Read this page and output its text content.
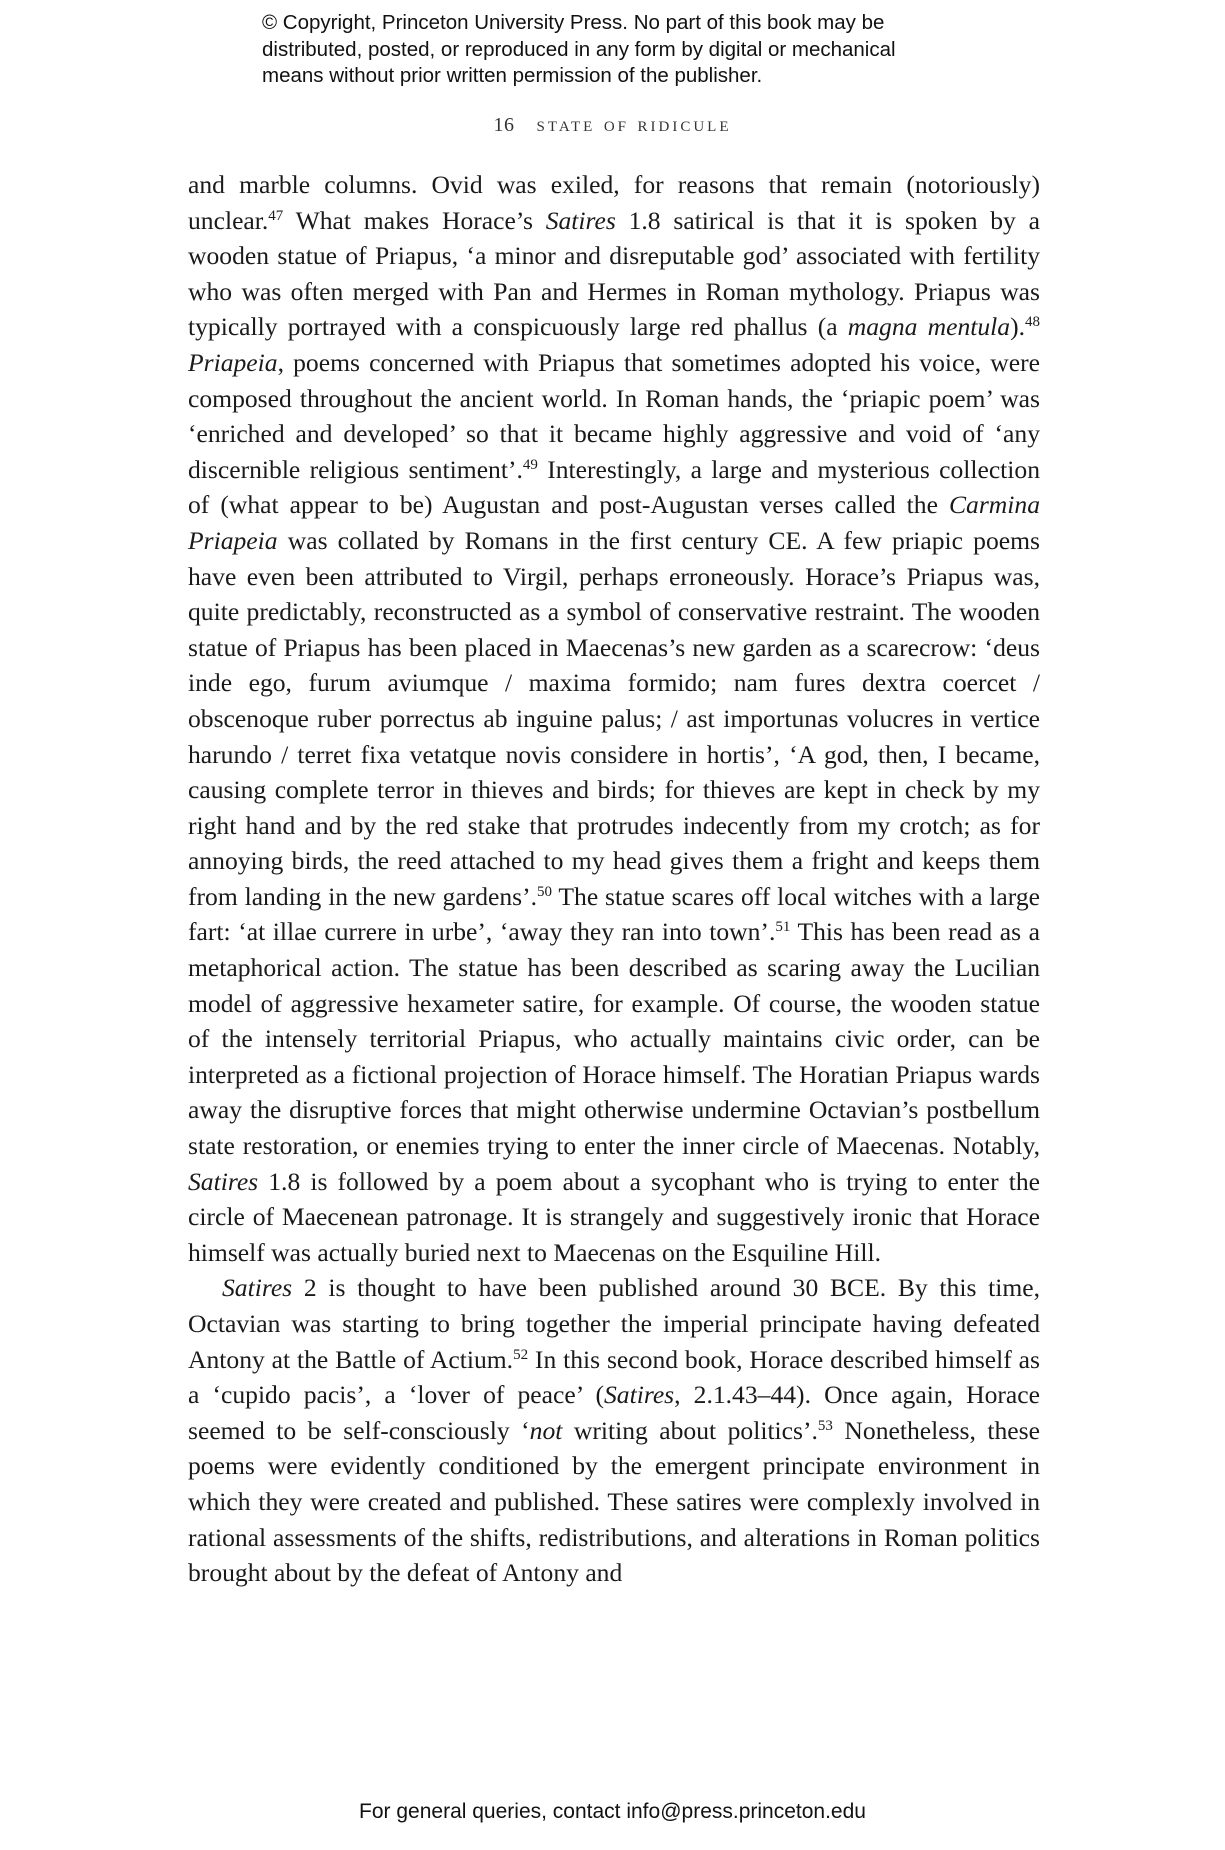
© Copyright, Princeton University Press. No part of this book may be
distributed, posted, or reproduced in any form by digital or mechanical
means without prior written permission of the publisher.
16 state of ridicule

and marble columns. Ovid was exiled, for reasons that remain (notoriously) unclear.$^{47}$ What makes Horace’s Satires 1.8 satirical is that it is spoken by a wooden statue of Priapus, ‘a minor and disreputable god’ associated with fertility who was often merged with Pan and Hermes in Roman mythology. Priapus was typically portrayed with a conspicuously large red phallus (a magna mentula).$^{48}$ Priapeia, poems concerned with Priapus that sometimes adopted his voice, were composed throughout the ancient world. In Roman hands, the ‘priapic poem’ was ‘enriched and developed’ so that it became highly aggressive and void of ‘any discernible religious sentiment’.$^{49}$ Interestingly, a large and mysterious collection of (what appear to be) Augustan and post-Augustan verses called the Carmina Priapeia was collated by Romans in the first century CE. A few priapic poems have even been attributed to Virgil, perhaps erroneously. Horace’s Priapus was, quite predictably, reconstructed as a symbol of conservative restraint. The wooden statue of Priapus has been placed in Maecenas’s new garden as a scarecrow: ‘deus inde ego, furum aviumque / maxima formido; nam fures dextra coercet / obscenoque ruber porrectus ab inguine palus; / ast importunas volucres in vertice harundo / terret fixa vetatque novis considere in hortis’, ‘A god, then, I became, causing complete terror in thieves and birds; for thieves are kept in check by my right hand and by the red stake that protrudes indecently from my crotch; as for annoying birds, the reed attached to my head gives them a fright and keeps them from landing in the new gardens’.$^{50}$ The statue scares off local witches with a large fart: ‘at illae currere in urbe’, ‘away they ran into town’.$^{51}$ This has been read as a metaphorical action. The statue has been described as scaring away the Lucilian model of aggressive hexameter satire, for example. Of course, the wooden statue of the intensely territorial Priapus, who actually maintains civic order, can be interpreted as a fictional projection of Horace himself. The Horatian Priapus wards away the disruptive forces that might otherwise undermine Octavian’s postbellum state restoration, or enemies trying to enter the inner circle of Maecenas. Notably, Satires 1.8 is followed by a poem about a sycophant who is trying to enter the circle of Maecenean patronage. It is strangely and suggestively ironic that Horace himself was actually buried next to Maecenas on the Esquiline Hill.

Satires 2 is thought to have been published around 30 BCE. By this time, Octavian was starting to bring together the imperial principate having defeated Antony at the Battle of Actium.$^{52}$ In this second book, Horace described himself as a ‘cupido pacis’, a ‘lover of peace’ (Satires, 2.1.43–44). Once again, Horace seemed to be self-consciously ‘not writing about politics’.$^{53}$ Nonetheless, these poems were evidently conditioned by the emergent principate environment in which they were created and published. These satires were complexly involved in rational assessments of the shifts, redistributions, and alterations in Roman politics brought about by the defeat of Antony and

For general queries, contact info@press.princeton.edu
